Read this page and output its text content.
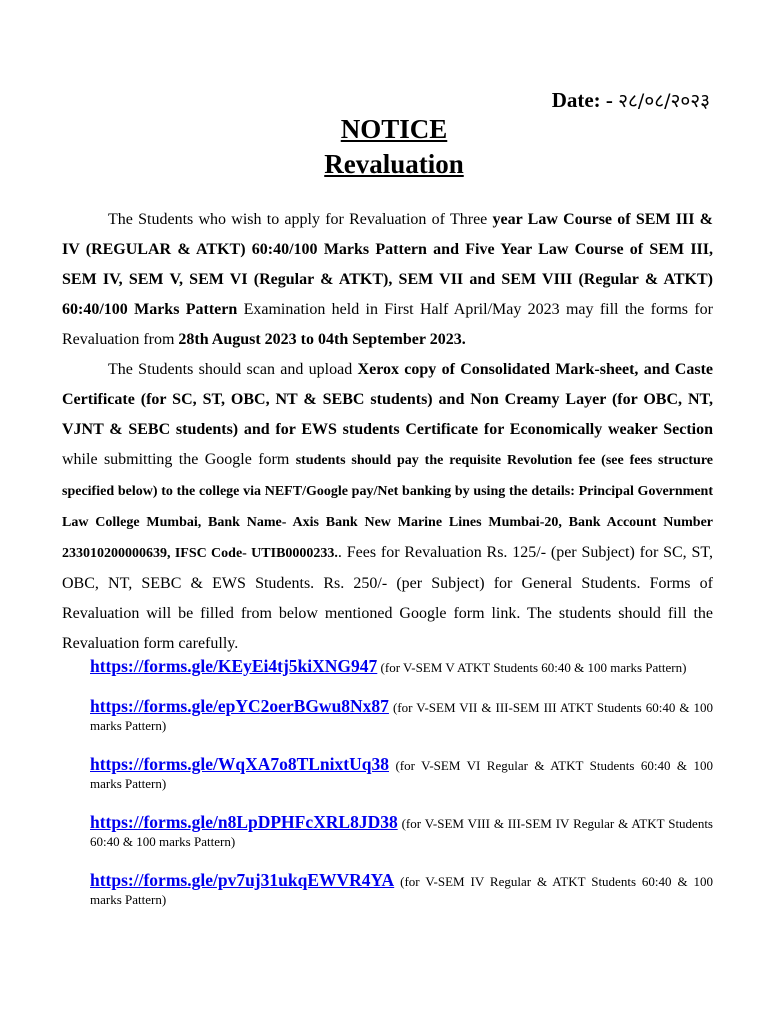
Date: - २८/०८/२०२३
NOTICE
Revaluation

The Students who wish to apply for Revaluation of Three year Law Course of SEM III & IV (REGULAR & ATKT) 60:40/100 Marks Pattern and Five Year Law Course of SEM III, SEM IV, SEM V, SEM VI (Regular & ATKT), SEM VII and SEM VIII (Regular & ATKT) 60:40/100 Marks Pattern Examination held in First Half April/May 2023 may fill the forms for Revaluation from 28th August 2023 to 04th September 2023.

The Students should scan and upload Xerox copy of Consolidated Mark-sheet, and Caste Certificate (for SC, ST, OBC, NT & SEBC students) and Non Creamy Layer (for OBC, NT, VJNT & SEBC students) and for EWS students Certificate for Economically weaker Section while submitting the Google form students should pay the requisite Revolution fee (see fees structure specified below) to the college via NEFT/Google pay/Net banking by using the details: Principal Government Law College Mumbai, Bank Name- Axis Bank New Marine Lines Mumbai-20, Bank Account Number 233010200000639, IFSC Code- UTIB0000233.. Fees for Revaluation Rs. 125/- (per Subject) for SC, ST, OBC, NT, SEBC & EWS Students. Rs. 250/- (per Subject) for General Students. Forms of Revaluation will be filled from below mentioned Google form link. The students should fill the Revaluation form carefully.

https://forms.gle/KEyEi4tj5kiXNG947 (for V-SEM V ATKT Students 60:40 & 100 marks Pattern)
https://forms.gle/epYC2oerBGwu8Nx87 (for V-SEM VII & III-SEM III ATKT Students 60:40 & 100 marks Pattern)
https://forms.gle/WqXA7o8TLnixtUq38 (for V-SEM VI Regular & ATKT Students 60:40 & 100 marks Pattern)
https://forms.gle/n8LpDPHFcXRL8JD38 (for V-SEM VIII & III-SEM IV Regular & ATKT Students 60:40 & 100 marks Pattern)
https://forms.gle/pv7uj31ukqEWVR4YA (for V-SEM IV Regular & ATKT Students 60:40 & 100 marks Pattern)
